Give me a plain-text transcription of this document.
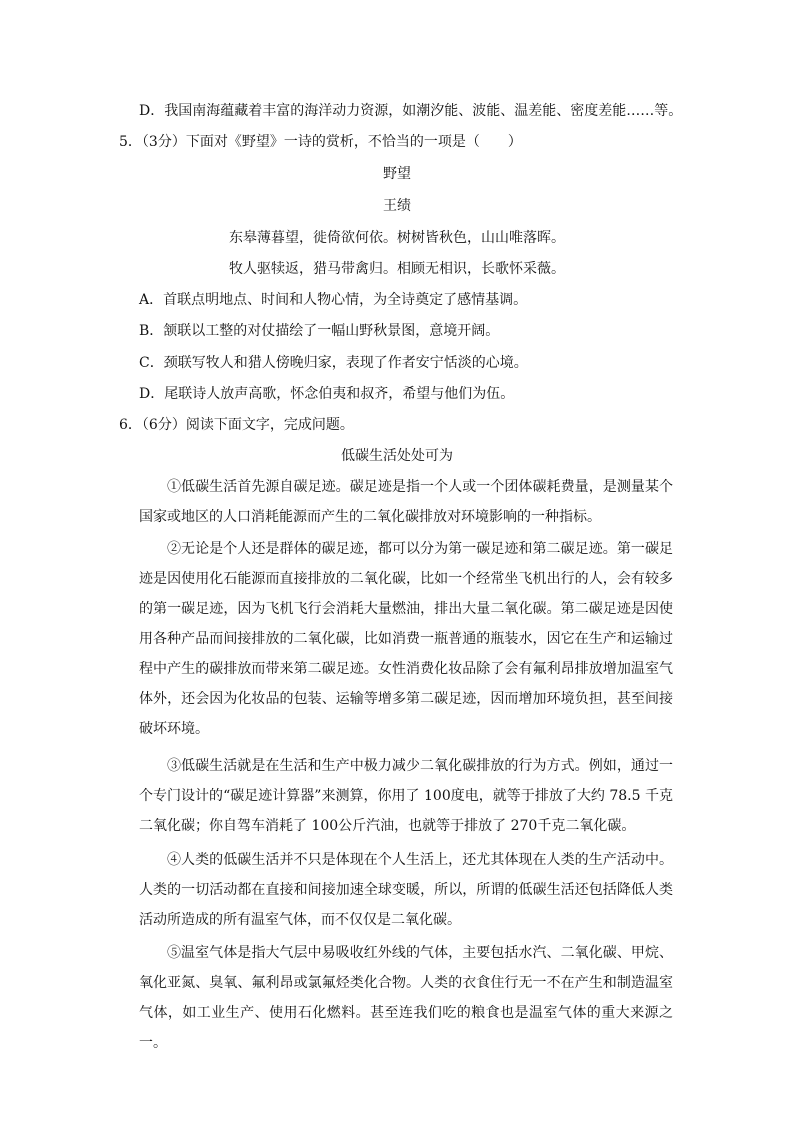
D．我国南海蕴藏着丰富的海洋动力资源，如潮汐能、波能、温差能、密度差能……等。
5．（3分）下面对《野望》一诗的赏析，不恰当的一项是（　　）
野望
王绩
东皋薄暮望，徙倚欲何依。树树皆秋色，山山唯落晖。
牧人驱犊返，猎马带禽归。相顾无相识，长歌怀采薇。
A．首联点明地点、时间和人物心情，为全诗奠定了感情基调。
B．颔联以工整的对仗描绘了一幅山野秋景图，意境开阔。
C．颈联写牧人和猎人傍晚归家，表现了作者安宁恬淡的心境。
D．尾联诗人放声高歌，怀念伯夷和叔齐，希望与他们为伍。
6．（6分）阅读下面文字，完成问题。
低碳生活处处可为
①低碳生活首先源自碳足迹。碳足迹是指一个人或一个团体碳耗费量，是测量某个国家或地区的人口消耗能源而产生的二氧化碳排放对环境影响的一种指标。
②无论是个人还是群体的碳足迹，都可以分为第一碳足迹和第二碳足迹。第一碳足迹是因使用化石能源而直接排放的二氧化碳，比如一个经常坐飞机出行的人，会有较多的第一碳足迹，因为飞机飞行会消耗大量燃油，排出大量二氧化碳。第二碳足迹是因使用各种产品而间接排放的二氧化碳，比如消费一瓶普通的瓶装水，因它在生产和运输过程中产生的碳排放而带来第二碳足迹。女性消费化妆品除了会有氟利昂排放增加温室气体外，还会因为化妆品的包装、运输等增多第二碳足迹，因而增加环境负担，甚至间接破坏环境。
③低碳生活就是在生活和生产中极力减少二氧化碳排放的行为方式。例如，通过一个专门设计的“碳足迹计算器”来测算，你用了 100度电，就等于排放了大约 78.5 千克二氧化碳；你自驾车消耗了 100公斤汽油，也就等于排放了 270千克二氧化碳。
④人类的低碳生活并不只是体现在个人生活上，还尤其体现在人类的生产活动中。人类的一切活动都在直接和间接加速全球变暖，所以，所谓的低碳生活还包括降低人类活动所造成的所有温室气体，而不仅仅是二氧化碳。
⑤温室气体是指大气层中易吸收红外线的气体，主要包括水汽、二氧化碳、甲烷、氧化亚氮、臭氧、氟利昂或氯氟烃类化合物。人类的衣食住行无一不在产生和制造温室气体，如工业生产、使用石化燃料。甚至连我们吃的粮食也是温室气体的重大来源之一。
